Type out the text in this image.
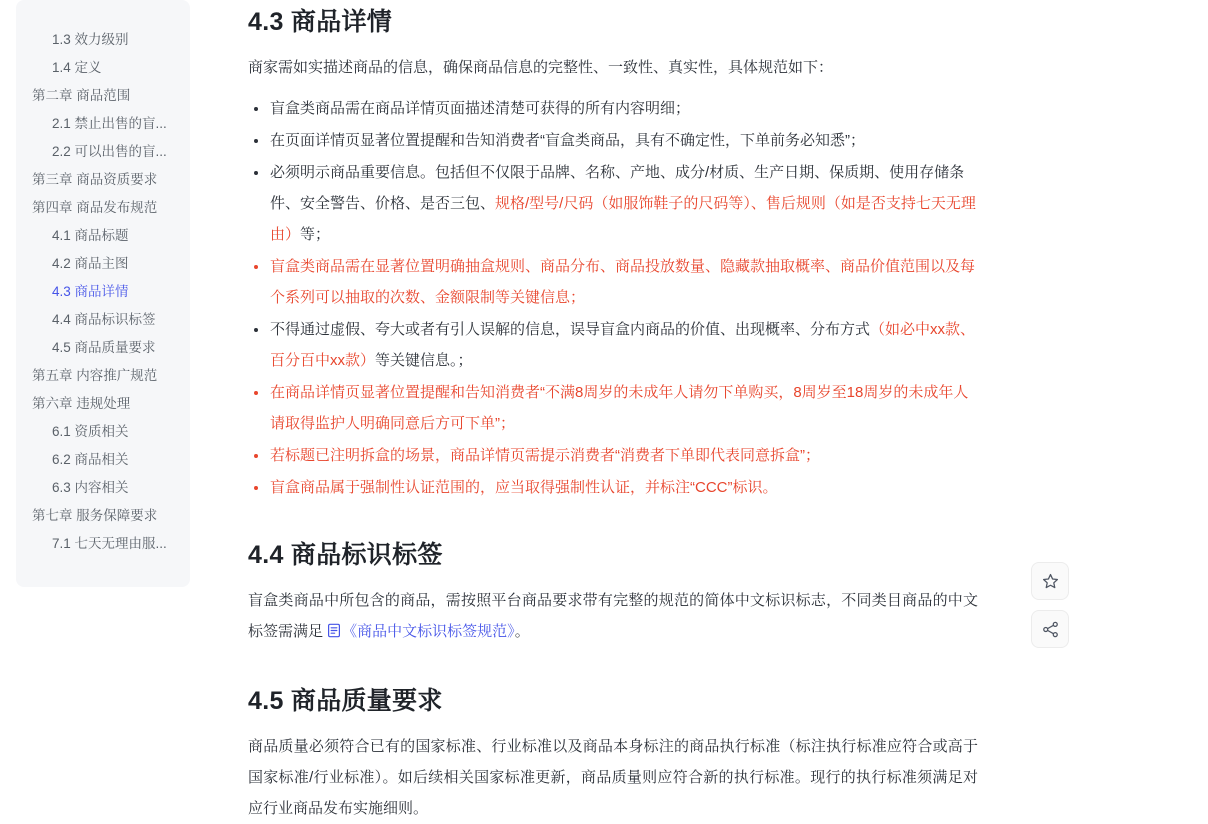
1.3 效力级别
1.4 定义
第二章 商品范围
2.1 禁止出售的盲...
2.2 可以出售的盲...
第三章 商品资质要求
第四章 商品发布规范
4.1 商品标题
4.2 商品主图
4.3 商品详情
4.4 商品标识标签
4.5 商品质量要求
第五章 内容推广规范
第六章 违规处理
6.1 资质相关
6.2 商品相关
6.3 内容相关
第七章 服务保障要求
7.1 七天无理由服...
4.3 商品详情

商家需如实描述商品的信息，确保商品信息的完整性、一致性、真实性，具体规范如下：

盲盒类商品需在商品详情页面描述清楚可获得的所有内容明细；
在页面详情页显著位置提醒和告知消费者“盲盒类商品，具有不确定性，下单前务必知悉”；
必须明示商品重要信息。包括但不仅限于品牌、名称、产地、成分/材质、生产日期、保质期、使用存储条件、安全警告、价格、是否三包、规格/型号/尺码（如服饰鞋子的尺码等）、售后规则（如是否支持七天无理由）等；
盲盒类商品需在显著位置明确抽盒规则、商品分布、商品投放数量、隐藏款抽取概率、商品价值范围以及每个系列可以抽取的次数、金额限制等关键信息；
不得通过虚假、夸大或者有引人误解的信息，误导盲盒内商品的价值、出现概率、分布方式（如必中xx款、百分百中xx款）等关键信息。；
在商品详情页显著位置提醒和告知消费者“不满8周岁的未成年人请勿下单购买，8周岁至18周岁的未成年人请取得监护人明确同意后方可下单”；
若标题已注明拆盒的场景，商品详情页需提示消费者“消费者下单即代表同意拆盒”；
盲盒商品属于强制性认证范围的，应当取得强制性认证，并标注“CCC”标识。
4.4 商品标识标签

盲盒类商品中所包含的商品，需按照平台商品要求带有完整的规范的简体中文标识标志，不同类目商品的中文标签需满足 《商品中文标识标签规范》。

4.5 商品质量要求

商品质量必须符合已有的国家标准、行业标准以及商品本身标注的商品执行标准（标注执行标准应符合或高于国家标准/行业标准）。如后续相关国家标准更新，商品质量则应符合新的执行标准。现行的执行标准须满足对应行业商品发布实施细则。
